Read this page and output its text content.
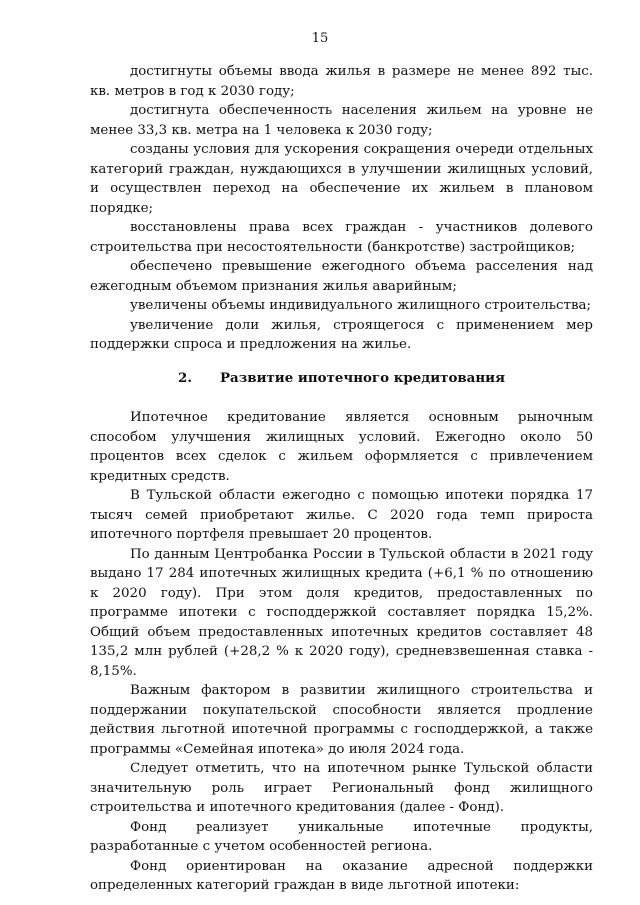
15

достигнуты объемы ввода жилья в размере не менее 892 тыс. кв. метров в год к 2030 году;

достигнута обеспеченность населения жильем на уровне не менее 33,3 кв. метра на 1 человека к 2030 году;

созданы условия для ускорения сокращения очереди отдельных категорий граждан, нуждающихся в улучшении жилищных условий, и осуществлен переход на обеспечение их жильем в плановом порядке;

восстановлены права всех граждан - участников долевого строительства при несостоятельности (банкротстве) застройщиков;

обеспечено превышение ежегодного объема расселения над ежегодным объемом признания жилья аварийным;

увеличены объемы индивидуального жилищного строительства;

увеличение доли жилья, строящегося с применением мер поддержки спроса и предложения на жилье.

2. Развитие ипотечного кредитования

Ипотечное кредитование является основным рыночным способом улучшения жилищных условий. Ежегодно около 50 процентов всех сделок с жильем оформляется с привлечением кредитных средств.

В Тульской области ежегодно с помощью ипотеки порядка 17 тысяч семей приобретают жилье. С 2020 года темп прироста ипотечного портфеля превышает 20 процентов.

По данным Центробанка России в Тульской области в 2021 году выдано 17 284 ипотечных жилищных кредита (+6,1 % по отношению к 2020 году). При этом доля кредитов, предоставленных по программе ипотеки с господдержкой составляет порядка 15,2%. Общий объем предоставленных ипотечных кредитов составляет 48 135,2 млн рублей (+28,2 % к 2020 году), средневзвешенная ставка - 8,15%.

Важным фактором в развитии жилищного строительства и поддержании покупательской способности является продление действия льготной ипотечной программы с господдержкой, а также программы «Семейная ипотека» до июля 2024 года.

Следует отметить, что на ипотечном рынке Тульской области значительную роль играет Региональный фонд жилищного строительства и ипотечного кредитования (далее - Фонд).

Фонд реализует уникальные ипотечные продукты, разработанные с учетом особенностей региона.

Фонд ориентирован на оказание адресной поддержки определенных категорий граждан в виде льготной ипотеки:
